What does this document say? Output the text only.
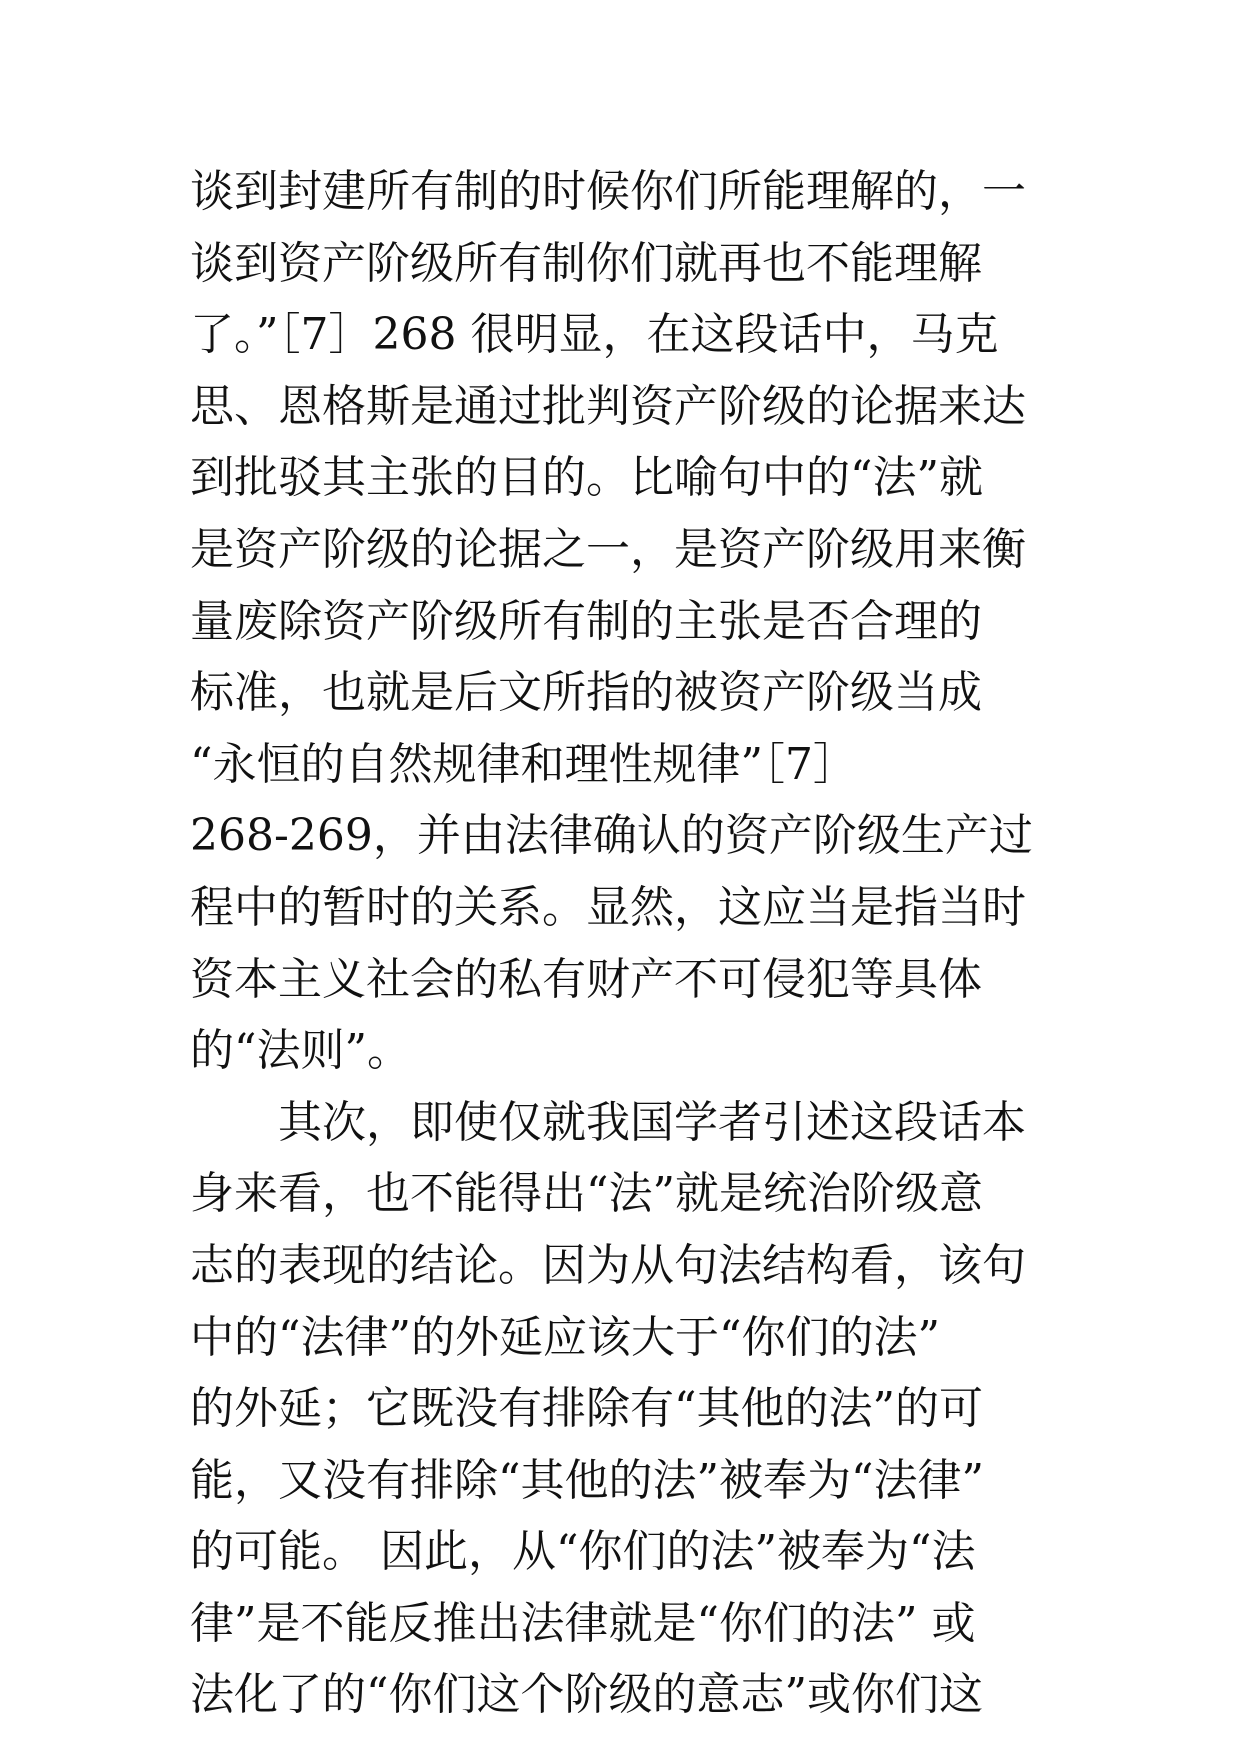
谈到封建所有制的时候你们所能理解的，一
谈到资产阶级所有制你们就再也不能理解
了。”［7］268 很明显，在这段话中，马克
思、恩格斯是通过批判资产阶级的论据来达
到批驳其主张的目的。比喻句中的“法”就
是资产阶级的论据之一，是资产阶级用来衡
量废除资产阶级所有制的主张是否合理的
标准，也就是后文所指的被资产阶级当成
“永恒的自然规律和理性规律”［7］
268-269，并由法律确认的资产阶级生产过
程中的暂时的关系。显然，这应当是指当时
资本主义社会的私有财产不可侵犯等具体
的“法则”。
其次，即使仅就我国学者引述这段话本
身来看，也不能得出“法”就是统治阶级意
志的表现的结论。因为从句法结构看，该句
中的“法律”的外延应该大于“你们的法”
的外延；它既没有排除有“其他的法”的可
能，又没有排除“其他的法”被奉为“法律”
的可能。 因此，从“你们的法”被奉为“法
律”是不能反推出法律就是“你们的法” 或
法化了的“你们这个阶级的意志”或你们这
